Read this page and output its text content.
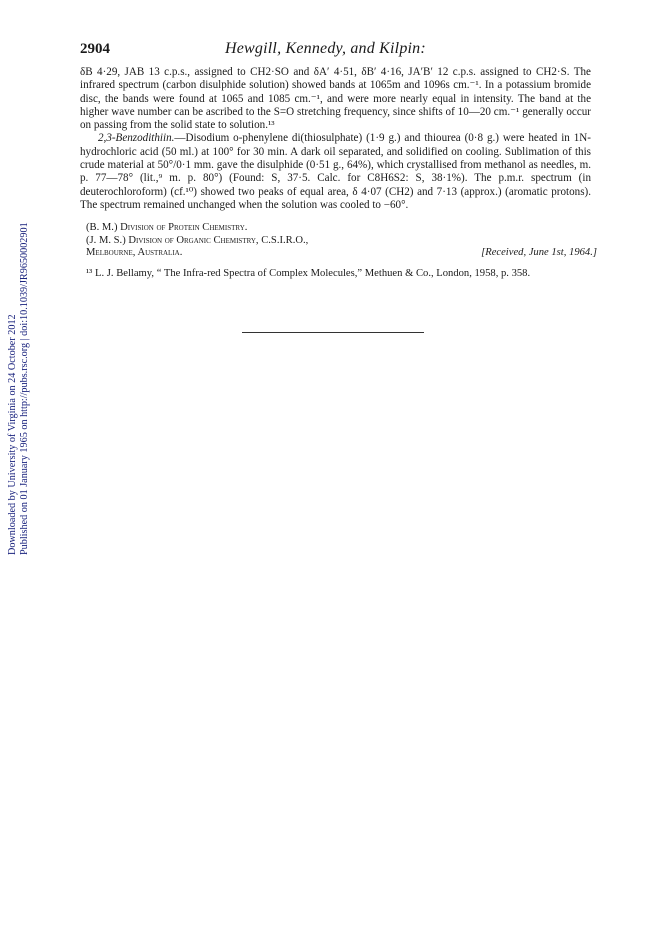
Downloaded by University of Virginia on 24 October 2012 Published on 01 January 1965 on http://pubs.rsc.org | doi:10.1039/JR9650002901
2904	Hewgill, Kennedy, and Kilpin:

δB 4·29, JAB 13 c.p.s., assigned to CH2·SO and δA′ 4·51, δB′ 4·16, JA′B′ 12 c.p.s. assigned to CH2·S. The infrared spectrum (carbon disulphide solution) showed bands at 1065m and 1096s cm.⁻¹. In a potassium bromide disc, the bands were found at 1065 and 1085 cm.⁻¹, and were more nearly equal in intensity. The band at the higher wave number can be ascribed to the S=O stretching frequency, since shifts of 10—20 cm.⁻¹ generally occur on passing from the solid state to solution.¹³

2,3-Benzodithiin.—Disodium o-phenylene di(thiosulphate) (1·9 g.) and thiourea (0·8 g.) were heated in 1N-hydrochloric acid (50 ml.) at 100° for 30 min. A dark oil separated, and solidified on cooling. Sublimation of this crude material at 50°/0·1 mm. gave the disulphide (0·51 g., 64%), which crystallised from methanol as needles, m. p. 77—78° (lit.,⁹ m. p. 80°) (Found: S, 37·5. Calc. for C8H6S2: S, 38·1%). The p.m.r. spectrum (in deuterochloroform) (cf.¹⁰) showed two peaks of equal area, δ 4·07 (CH2) and 7·13 (approx.) (aromatic protons). The spectrum remained unchanged when the solution was cooled to −60°.

(B. M.) Division of Protein Chemistry.
(J. M. S.) Division of Organic Chemistry, C.S.I.R.O.,
Melbourne, Australia.	[Received, June 1st, 1964.]

¹³ L. J. Bellamy, “ The Infra-red Spectra of Complex Molecules,” Methuen & Co., London, 1958, p. 358.
